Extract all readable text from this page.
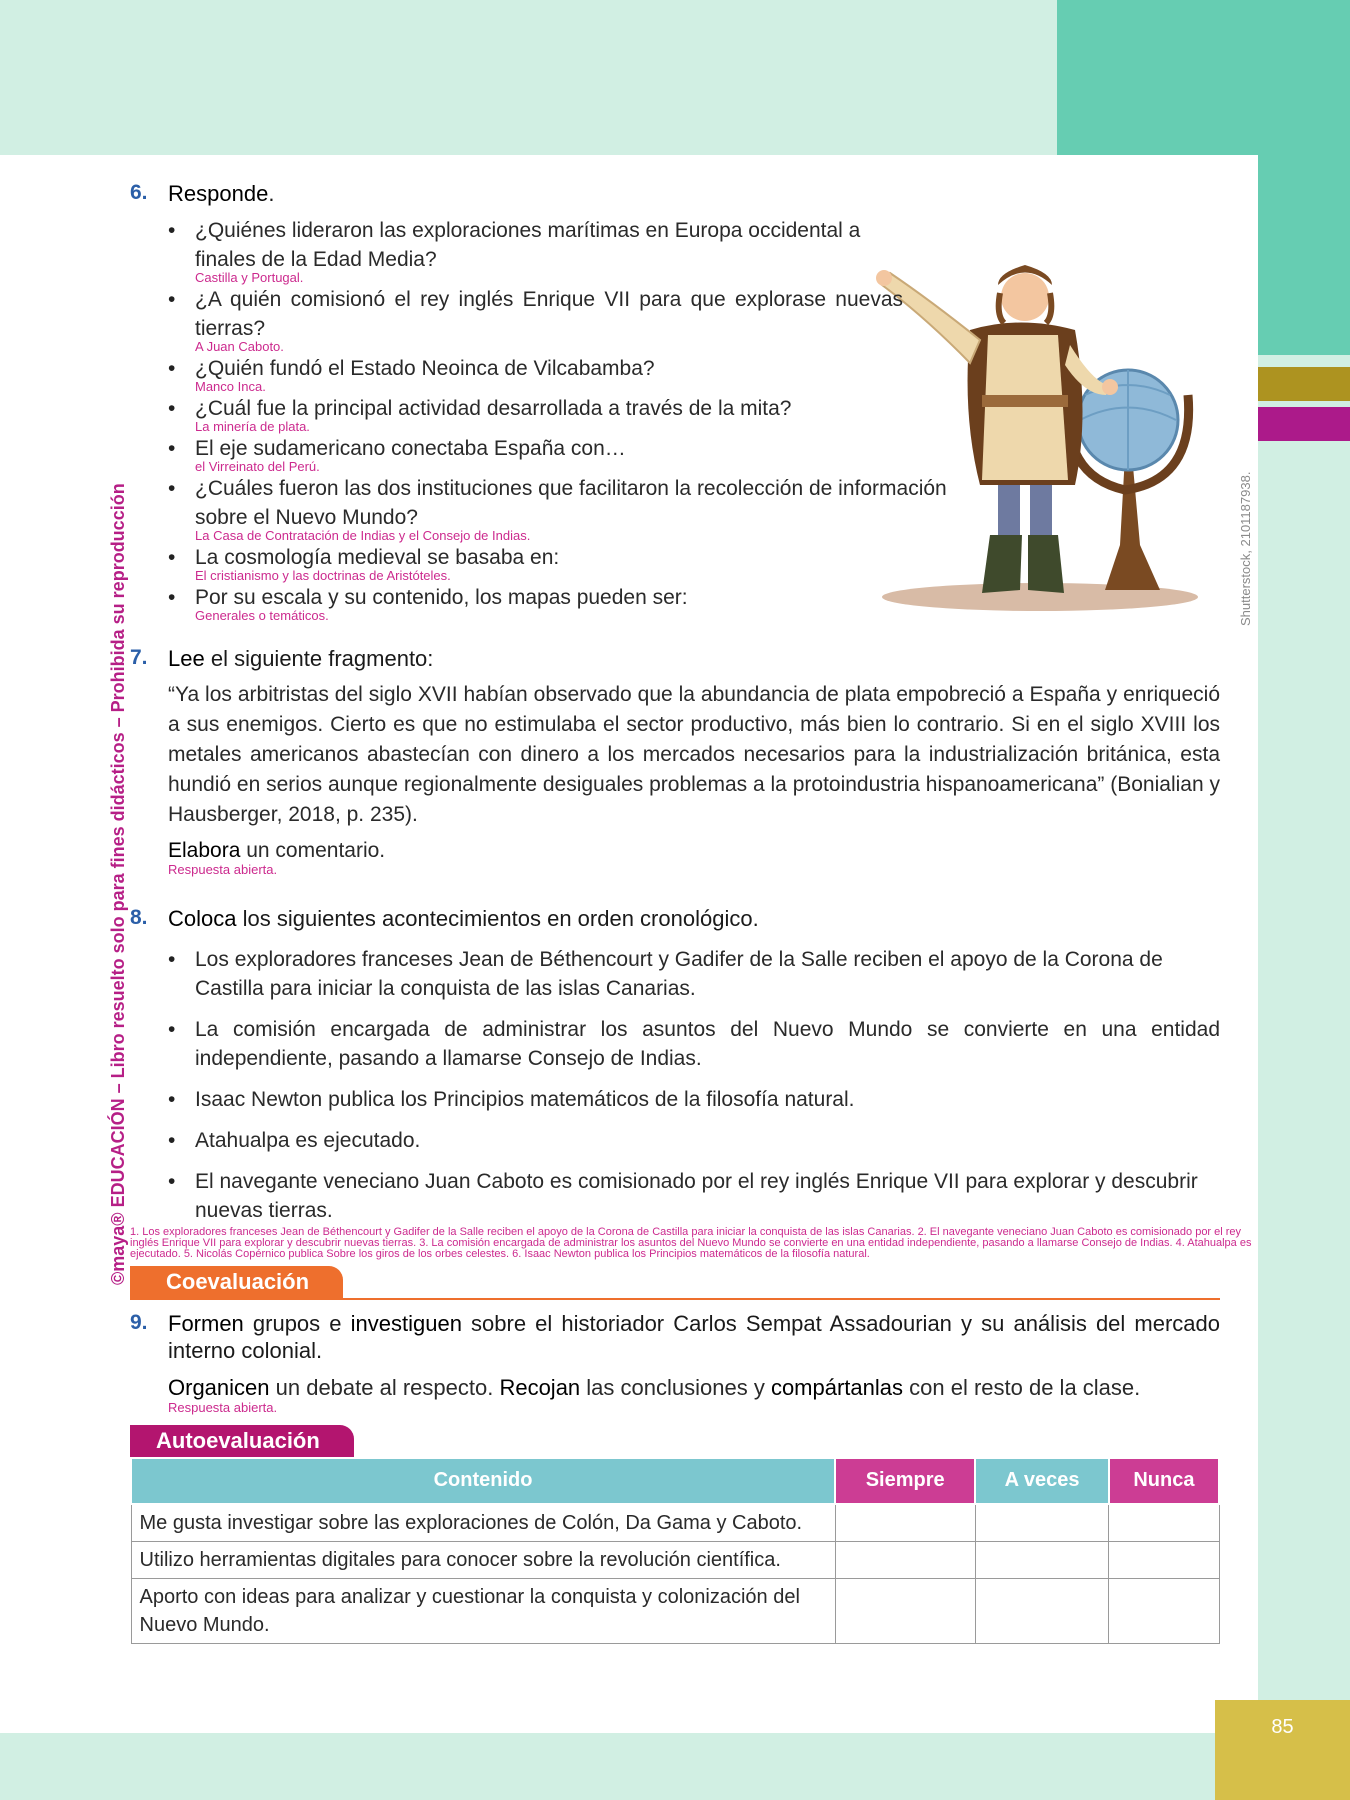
85
©maya® EDUCACIÓN – Libro resuelto solo para fines didácticos – Prohibida su reproducción	Shutterstock, 2101187938.
6. Responde.
• ¿Quiénes lideraron las exploraciones marítimas en Europa occidental a finales de la Edad Media?
Castilla y Portugal.
• ¿A quién comisionó el rey inglés Enrique VII para que explorase nuevas tierras?
A Juan Caboto.
• ¿Quién fundó el Estado Neoinca de Vilcabamba?
Manco Inca.
• ¿Cuál fue la principal actividad desarrollada a través de la mita?
La minería de plata.
• El eje sudamericano conectaba España con…
el Virreinato del Perú.
• ¿Cuáles fueron las dos instituciones que facilitaron la recolección de información sobre el Nuevo Mundo?
La Casa de Contratación de Indias y el Consejo de Indias.
• La cosmología medieval se basaba en:
El cristianismo y las doctrinas de Aristóteles.
• Por su escala y su contenido, los mapas pueden ser:
Generales o temáticos.
7. Lee el siguiente fragmento:
“Ya los arbitristas del siglo XVII habían observado que la abundancia de plata empobreció a España y enriqueció a sus enemigos. Cierto es que no estimulaba el sector productivo, más bien lo contrario. Si en el siglo XVIII los metales americanos abastecían con dinero a los mercados necesarios para la industrialización británica, esta hundió en serios aunque regionalmente desiguales problemas a la protoindustria hispanoamericana” (Bonialian y Hausberger, 2018, p. 235).
Elabora un comentario.
Respuesta abierta.
8. Coloca los siguientes acontecimientos en orden cronológico.
• Los exploradores franceses Jean de Béthencourt y Gadifer de la Salle reciben el apoyo de la Corona de Castilla para iniciar la conquista de las islas Canarias.
• La comisión encargada de administrar los asuntos del Nuevo Mundo se convierte en una entidad independiente, pasando a llamarse Consejo de Indias.
• Isaac Newton publica los Principios matemáticos de la filosofía natural.
• Atahualpa es ejecutado.
• El navegante veneciano Juan Caboto es comisionado por el rey inglés Enrique VII para explorar y descubrir nuevas tierras.
1. Los exploradores franceses Jean de Béthencourt y Gadifer de la Salle reciben el apoyo de la Corona de Castilla para iniciar la conquista de las islas Canarias. 2. El navegante veneciano Juan Caboto es comisionado por el rey inglés Enrique VII para explorar y descubrir nuevas tierras. 3. La comisión encargada de administrar los asuntos del Nuevo Mundo se convierte en una entidad independiente, pasando a llamarse Consejo de Indias. 4. Atahualpa es ejecutado. 5. Nicolás Copérnico publica Sobre los giros de los orbes celestes. 6. Isaac Newton publica los Principios matemáticos de la filosofía natural.
Coevaluación
9. Formen grupos e investiguen sobre el historiador Carlos Sempat Assadourian y su análisis del mercado interno colonial.
Organicen un debate al respecto. Recojan las conclusiones y compártanlas con el resto de la clase.
Respuesta abierta.
Autoevaluación
Contenido	Siempre	A veces	Nunca
Me gusta investigar sobre las exploraciones de Colón, Da Gama y Caboto.			
Utilizo herramientas digitales para conocer sobre la revolución científica.			
Aporto con ideas para analizar y cuestionar la conquista y colonización del Nuevo Mundo.			
